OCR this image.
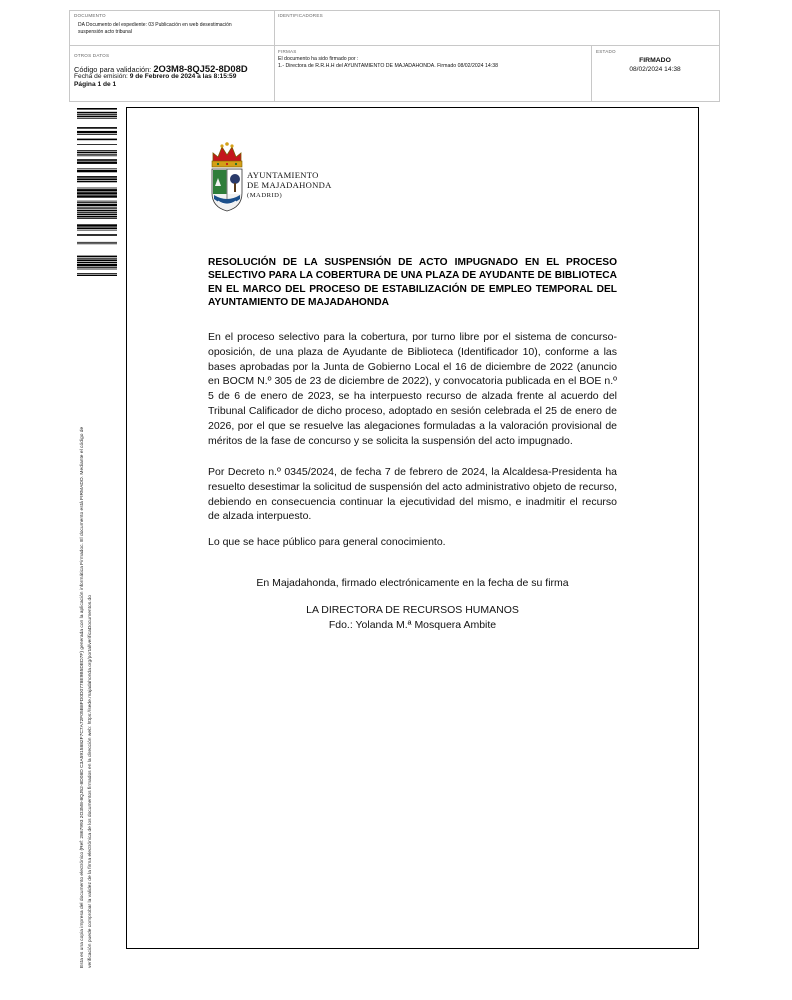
DOCUMENTO
DA Documento del expediente: 03 Publicación en web desestimación
suspensión acto tribunal
IDENTIFICADORES
OTROS DATOS
Código para validación: 2O3M8-8QJ52-8D08D
Fecha de emisión: 9 de Febrero de 2024 a las 8:15:59
Página 1 de 1
FIRMAS
El documento ha sido firmado por :
1.- Directora de R.R.H.H del AYUNTAMIENTO DE MAJADAHONDA. Firmado 08/02/2024 14:38
ESTADO
FIRMADO
08/02/2024 14:38
Esta es una copia impresa del documento electrónico (Ref: 2867993 2O3M8-8QJ52-8D08D C3A5915882F7C7A72F05B8FD0D0778E9B5DED7F) generada con la aplicación informática Firmadoc. El documento está FIRMADO. Mediante el código de verificación puede comprobar la validez de la firma electrónica de los documentos firmados en la dirección web: https://sede.majadahonda.org/portal/verificaDocumentos.do
AYUNTAMIENTO
DE MAJADAHONDA
(MADRID)
RESOLUCIÓN DE LA SUSPENSIÓN DE ACTO IMPUGNADO EN EL PROCESO SELECTIVO PARA LA COBERTURA DE UNA PLAZA DE AYUDANTE DE BIBLIOTECA EN EL MARCO DEL PROCESO DE ESTABILIZACIÓN DE EMPLEO TEMPORAL DEL AYUNTAMIENTO DE MAJADAHONDA
En el proceso selectivo para la cobertura, por turno libre por el sistema de concurso-oposición, de una plaza de Ayudante de Biblioteca (Identificador 10), conforme a las bases aprobadas por la Junta de Gobierno Local el 16 de diciembre de 2022 (anuncio en BOCM N.º 305 de 23 de diciembre de 2022), y convocatoria publicada en el BOE n.º 5 de 6 de enero de 2023, se ha interpuesto recurso de alzada frente al acuerdo del Tribunal Calificador de dicho proceso, adoptado en sesión celebrada el 25 de enero de 2026, por el que se resuelve las alegaciones formuladas a la valoración provisional de méritos de la fase de concurso y se solicita la suspensión del acto impugnado.
Por Decreto n.º 0345/2024, de fecha 7 de febrero de 2024, la Alcaldesa-Presidenta ha resuelto desestimar la solicitud de suspensión del acto administrativo objeto de recurso, debiendo en consecuencia continuar la ejecutividad del mismo, e inadmitir el recurso de alzada interpuesto.
Lo que se hace público para general conocimiento.
En Majadahonda, firmado electrónicamente en la fecha de su firma
LA DIRECTORA DE RECURSOS HUMANOS
Fdo.: Yolanda M.ª Mosquera Ambite
